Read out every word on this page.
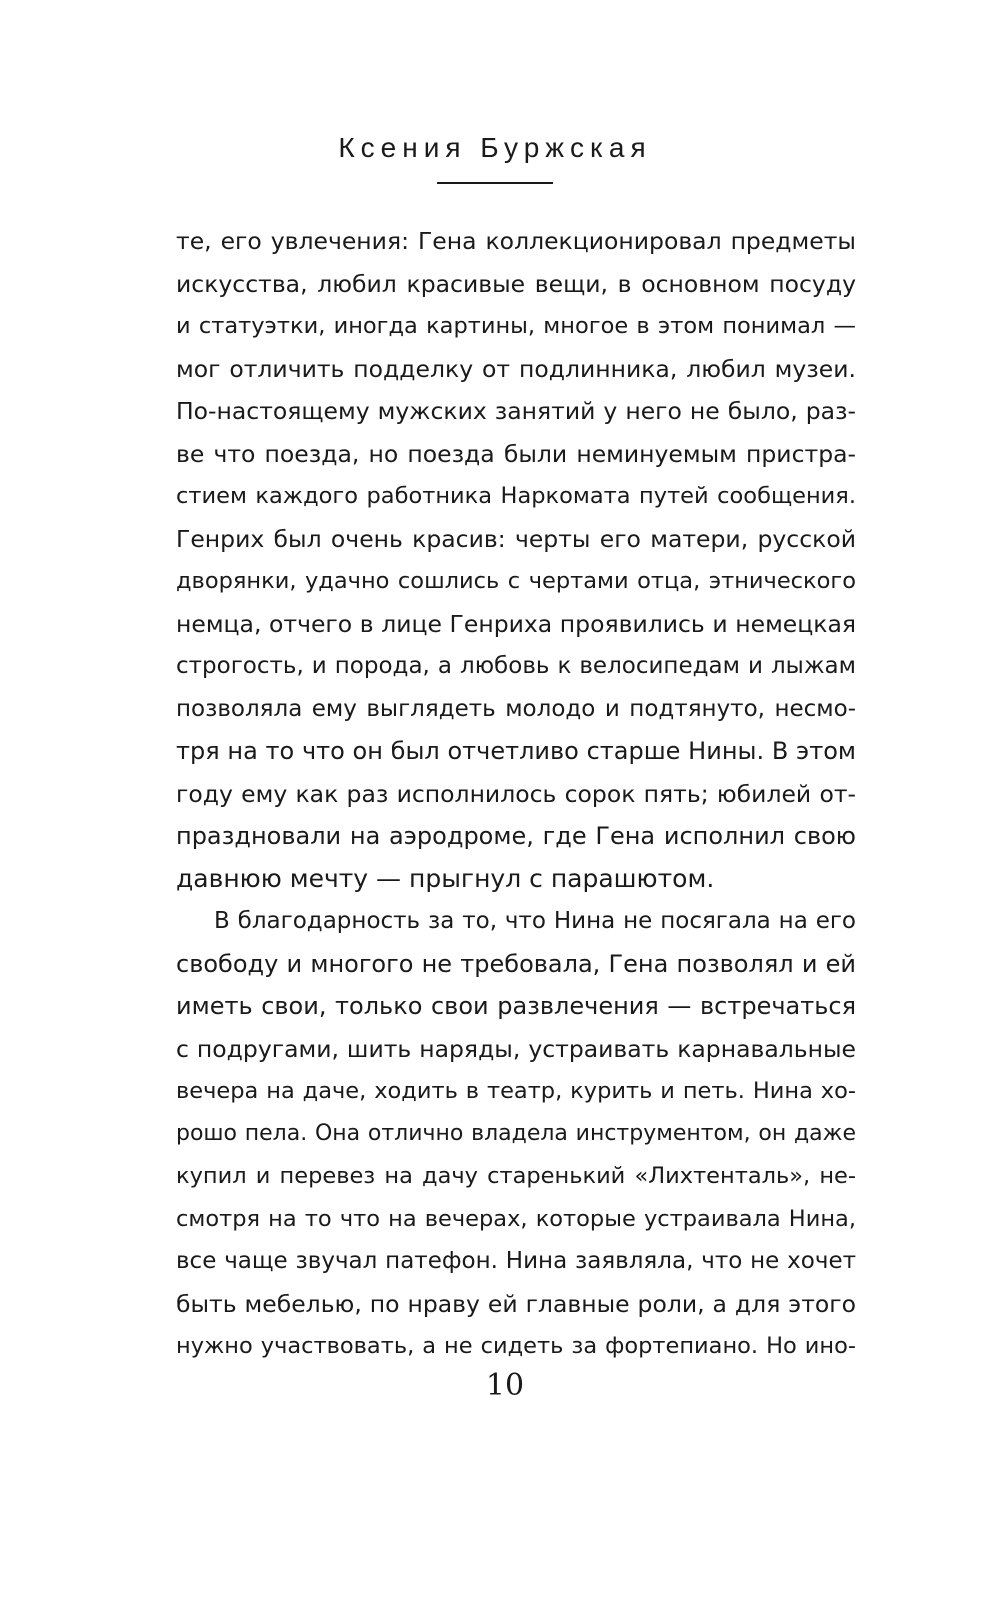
Ксения Буржская
те, его увлечения: Гена коллекционировал предметы
искусства, любил красивые вещи, в основном посуду
и статуэтки, иногда картины, многое в этом понимал —
мог отличить подделку от подлинника, любил музеи.
По-настоящему мужских занятий у него не было, раз-
ве что поезда, но поезда были неминуемым пристра-
стием каждого работника Наркомата путей сообщения.
Генрих был очень красив: черты его матери, русской
дворянки, удачно сошлись с чертами отца, этнического
немца, отчего в лице Генриха проявились и немецкая
строгость, и порода, а любовь к велосипедам и лыжам
позволяла ему выглядеть молодо и подтянуто, несмо-
тря на то что он был отчетливо старше Нины. В этом
году ему как раз исполнилось сорок пять; юбилей от-
праздновали на аэродроме, где Гена исполнил свою
давнюю мечту — прыгнул с парашютом.
В благодарность за то, что Нина не посягала на его
свободу и многого не требовала, Гена позволял и ей
иметь свои, только свои развлечения — встречаться
с подругами, шить наряды, устраивать карнавальные
вечера на даче, ходить в театр, курить и петь. Нина хо-
рошо пела. Она отлично владела инструментом, он даже
купил и перевез на дачу старенький «Лихтенталь», не-
смотря на то что на вечерах, которые устраивала Нина,
все чаще звучал патефон. Нина заявляла, что не хочет
быть мебелью, по нраву ей главные роли, а для этого
нужно участвовать, а не сидеть за фортепиано. Но ино-
10
